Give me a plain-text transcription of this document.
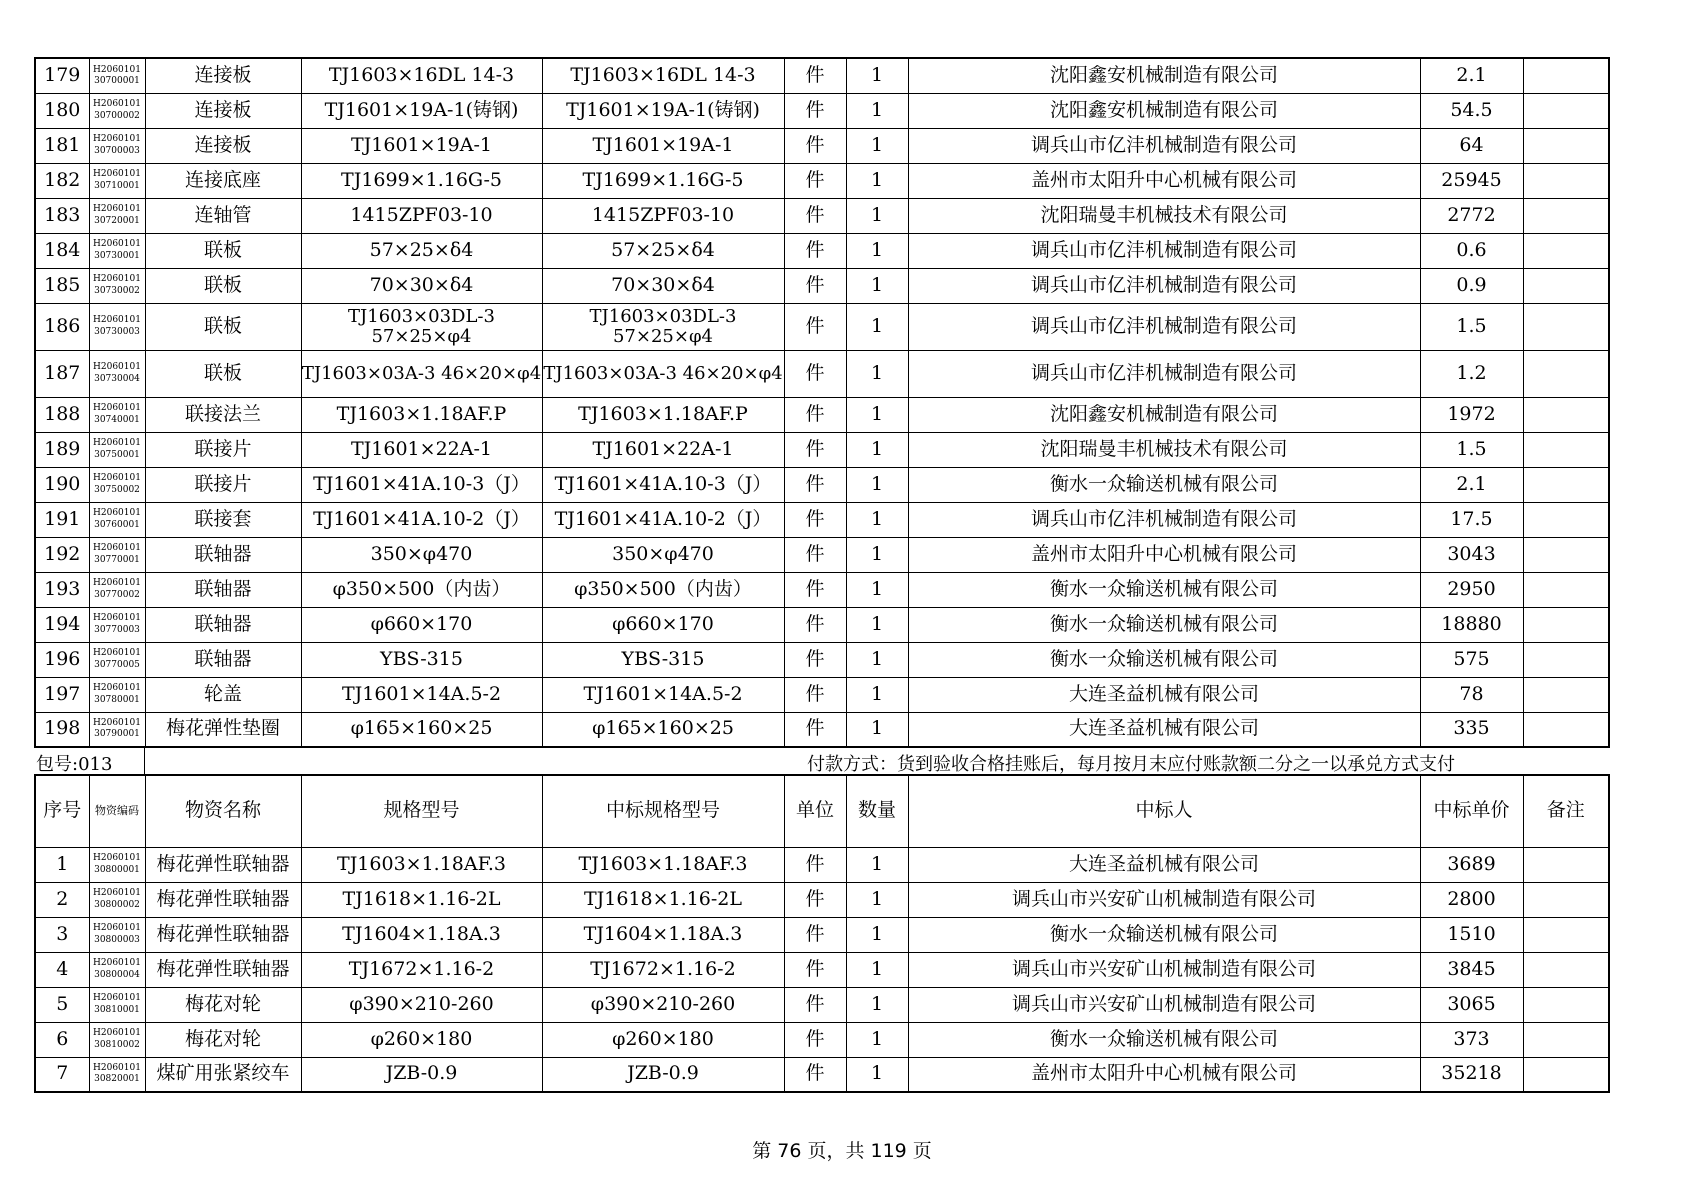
179	H2060101 30700001	连接板	TJ1603×16DL 14-3	TJ1603×16DL 14-3	件	1	沈阳鑫安机械制造有限公司	2.1	
180	H2060101 30700002	连接板	TJ1601×19A-1(铸钢)	TJ1601×19A-1(铸钢)	件	1	沈阳鑫安机械制造有限公司	54.5	
181	H2060101 30700003	连接板	TJ1601×19A-1	TJ1601×19A-1	件	1	调兵山市亿沣机械制造有限公司	64	
182	H2060101 30710001	连接底座	TJ1699×1.16G-5	TJ1699×1.16G-5	件	1	盖州市太阳升中心机械有限公司	25945	
183	H2060101 30720001	连轴管	1415ZPF03-10	1415ZPF03-10	件	1	沈阳瑞曼丰机械技术有限公司	2772	
184	H2060101 30730001	联板	57×25×δ4	57×25×δ4	件	1	调兵山市亿沣机械制造有限公司	0.6	
185	H2060101 30730002	联板	70×30×δ4	70×30×δ4	件	1	调兵山市亿沣机械制造有限公司	0.9	
186	H2060101 30730003	联板	TJ1603×03DL-3 57×25×φ4	TJ1603×03DL-3 57×25×φ4	件	1	调兵山市亿沣机械制造有限公司	1.5	
187	H2060101 30730004	联板	TJ1603×03A-3 46×20×φ4	TJ1603×03A-3 46×20×φ4	件	1	调兵山市亿沣机械制造有限公司	1.2	
188	H2060101 30740001	联接法兰	TJ1603×1.18AF.P	TJ1603×1.18AF.P	件	1	沈阳鑫安机械制造有限公司	1972	
189	H2060101 30750001	联接片	TJ1601×22A-1	TJ1601×22A-1	件	1	沈阳瑞曼丰机械技术有限公司	1.5	
190	H2060101 30750002	联接片	TJ1601×41A.10-3（J）	TJ1601×41A.10-3（J）	件	1	衡水一众输送机械有限公司	2.1	
191	H2060101 30760001	联接套	TJ1601×41A.10-2（J）	TJ1601×41A.10-2（J）	件	1	调兵山市亿沣机械制造有限公司	17.5	
192	H2060101 30770001	联轴器	350×φ470	350×φ470	件	1	盖州市太阳升中心机械有限公司	3043	
193	H2060101 30770002	联轴器	φ350×500（内齿）	φ350×500（内齿）	件	1	衡水一众输送机械有限公司	2950	
194	H2060101 30770003	联轴器	φ660×170	φ660×170	件	1	衡水一众输送机械有限公司	18880	
196	H2060101 30770005	联轴器	YBS-315	YBS-315	件	1	衡水一众输送机械有限公司	575	
197	H2060101 30780001	轮盖	TJ1601×14A.5-2	TJ1601×14A.5-2	件	1	大连圣益机械有限公司	78	
198	H2060101 30790001	梅花弹性垫圈	φ165×160×25	φ165×160×25	件	1	大连圣益机械有限公司	335	
包号:013	付款方式：货到验收合格挂账后，每月按月末应付账款额二分之一以承兑方式支付
序号	物资编码	物资名称	规格型号	中标规格型号	单位	数量	中标人	中标单价	备注
1	H2060101 30800001	梅花弹性联轴器	TJ1603×1.18AF.3	TJ1603×1.18AF.3	件	1	大连圣益机械有限公司	3689	
2	H2060101 30800002	梅花弹性联轴器	TJ1618×1.16-2L	TJ1618×1.16-2L	件	1	调兵山市兴安矿山机械制造有限公司	2800	
3	H2060101 30800003	梅花弹性联轴器	TJ1604×1.18A.3	TJ1604×1.18A.3	件	1	衡水一众输送机械有限公司	1510	
4	H2060101 30800004	梅花弹性联轴器	TJ1672×1.16-2	TJ1672×1.16-2	件	1	调兵山市兴安矿山机械制造有限公司	3845	
5	H2060101 30810001	梅花对轮	φ390×210-260	φ390×210-260	件	1	调兵山市兴安矿山机械制造有限公司	3065	
6	H2060101 30810002	梅花对轮	φ260×180	φ260×180	件	1	衡水一众输送机械有限公司	373	
7	H2060101 30820001	煤矿用张紧绞车	JZB-0.9	JZB-0.9	件	1	盖州市太阳升中心机械有限公司	35218	
第 76 页，共 119 页
